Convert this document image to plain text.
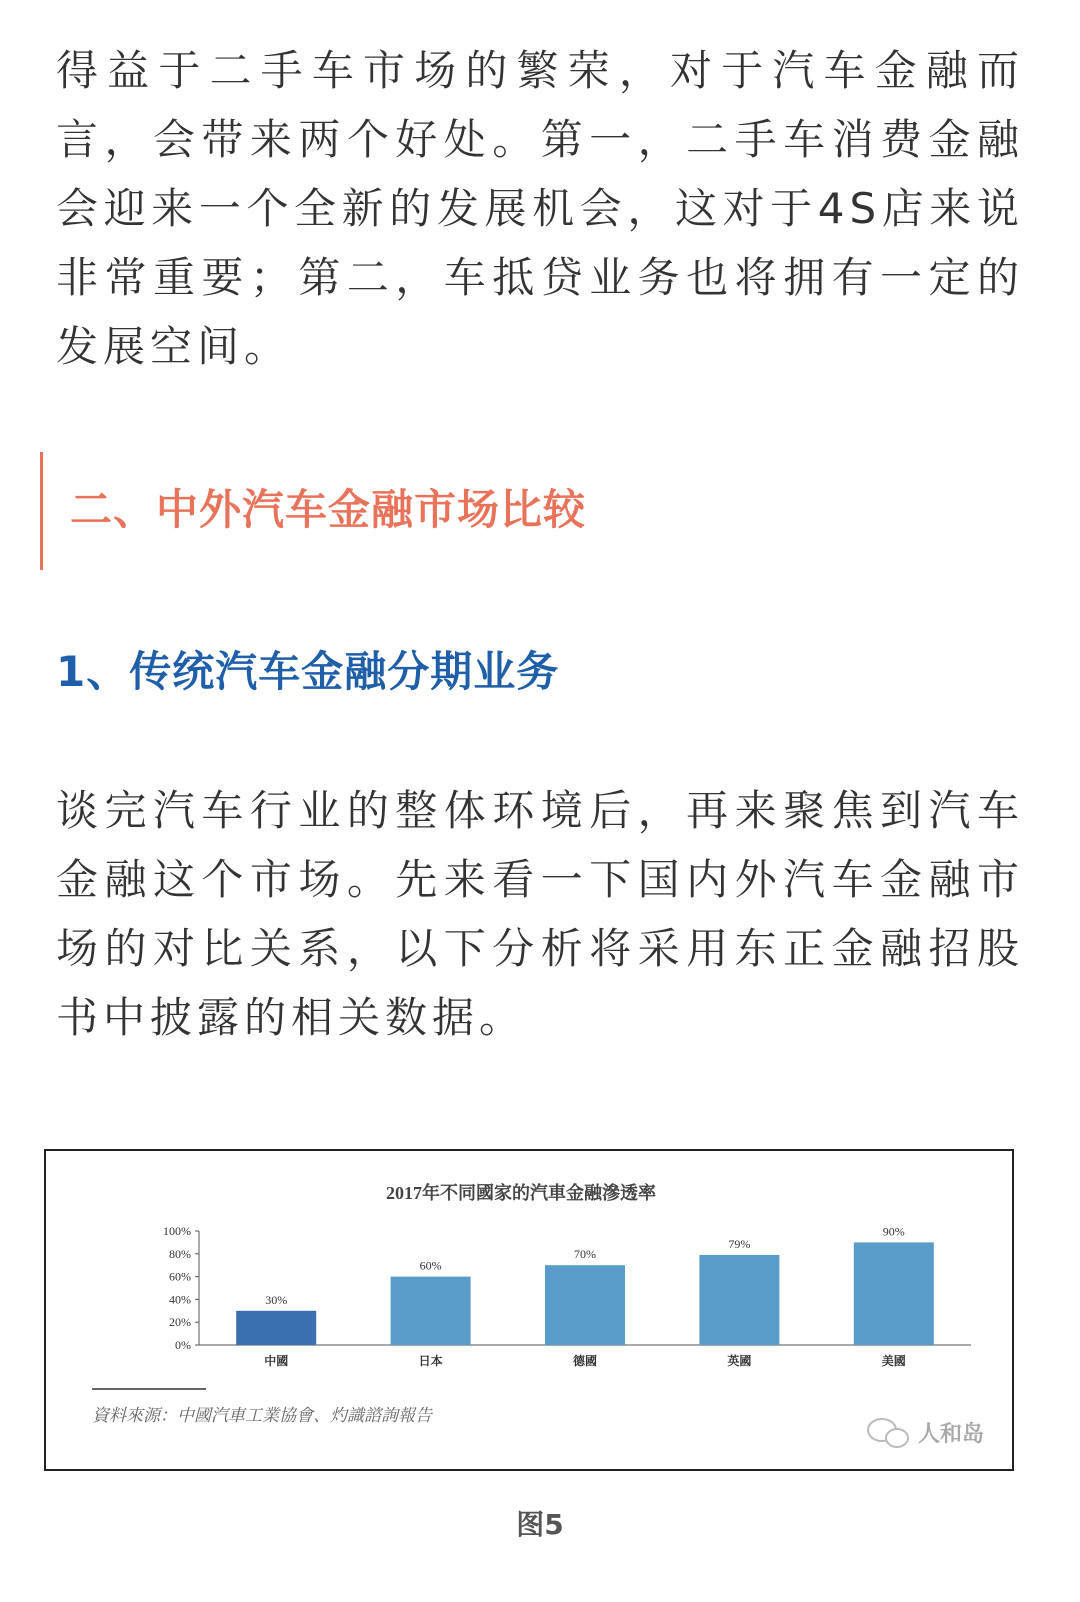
得益于二手车市场的繁荣，对于汽车金融而言，会带来两个好处。第一，二手车消费金融会迎来一个全新的发展机会，这对于4S店来说非常重要；第二，车抵贷业务也将拥有一定的发展空间。

二、中外汽车金融市场比较
1、传统汽车金融分期业务

谈完汽车行业的整体环境后，再来聚焦到汽车金融这个市场。先来看一下国内外汽车金融市场的对比关系，以下分析将采用东正金融招股书中披露的相关数据。

2017年不同國家的汽車金融滲透率
100%
80%
60%
40%
20%
0%
30%
中國
60%
日本
70%
德國
79%
英國
90%
美國
資料來源：中國汽車工業協會、灼識諮詢報告
人和岛
图5
